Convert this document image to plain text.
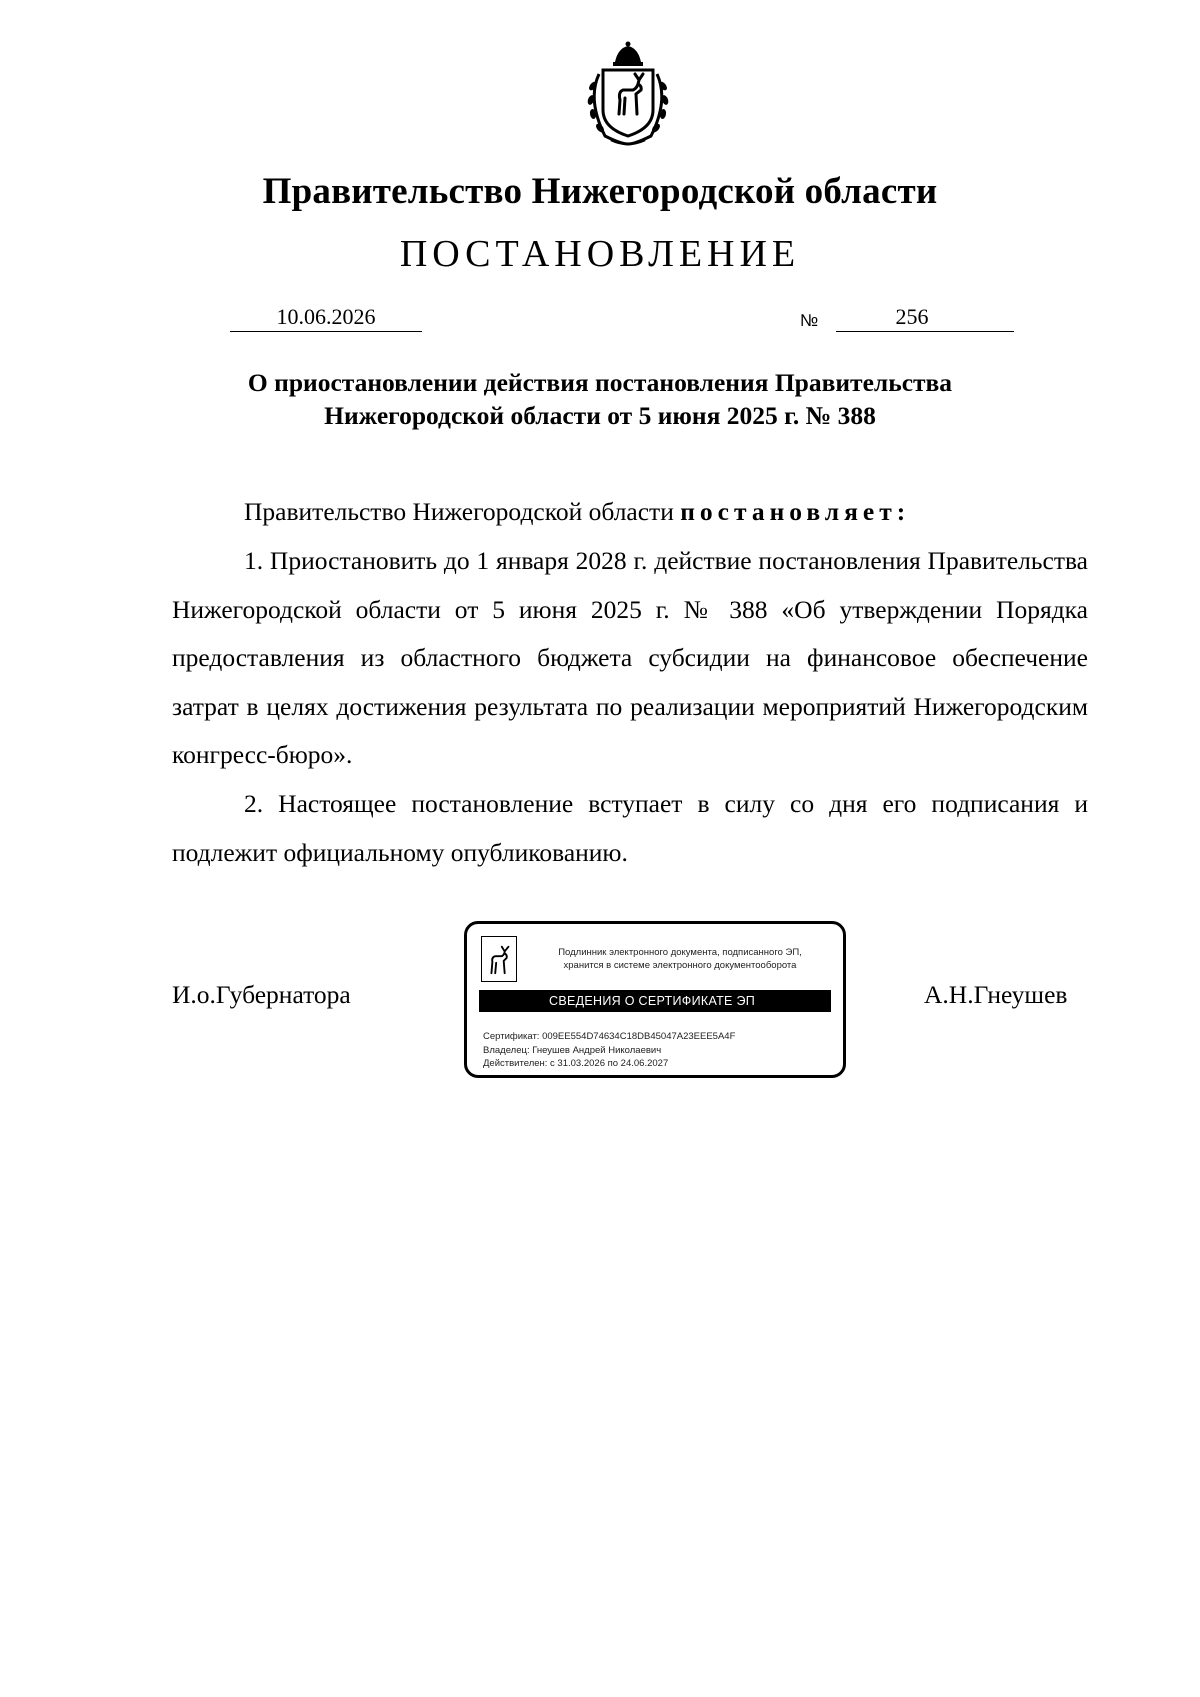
Правительство Нижегородской области
ПОСТАНОВЛЕНИЕ
10.06.2026	№	256
О приостановлении действия постановления Правительства
Нижегородской области от 5 июня 2025 г. № 388
Правительство Нижегородской области постановляет:
1. Приостановить до 1 января 2028 г. действие постановления Правительства Нижегородской области от 5 июня 2025 г. № 388 «Об утверждении Порядка предоставления из областного бюджета субсидии на финансовое обеспечение затрат в целях достижения результата по реализации мероприятий Нижегородским конгресс-бюро».
2. Настоящее постановление вступает в силу со дня его подписания и подлежит официальному опубликованию.
И.о.Губернатора	А.Н.Гнеушев
Подлинник электронного документа, подписанного ЭП,
хранится в системе электронного документооборота
СВЕДЕНИЯ О СЕРТИФИКАТЕ ЭП
Сертификат: 009EE554D74634C18DB45047A23EEE5A4F
Владелец: Гнеушев Андрей Николаевич
Действителен: с 31.03.2026 по 24.06.2027
